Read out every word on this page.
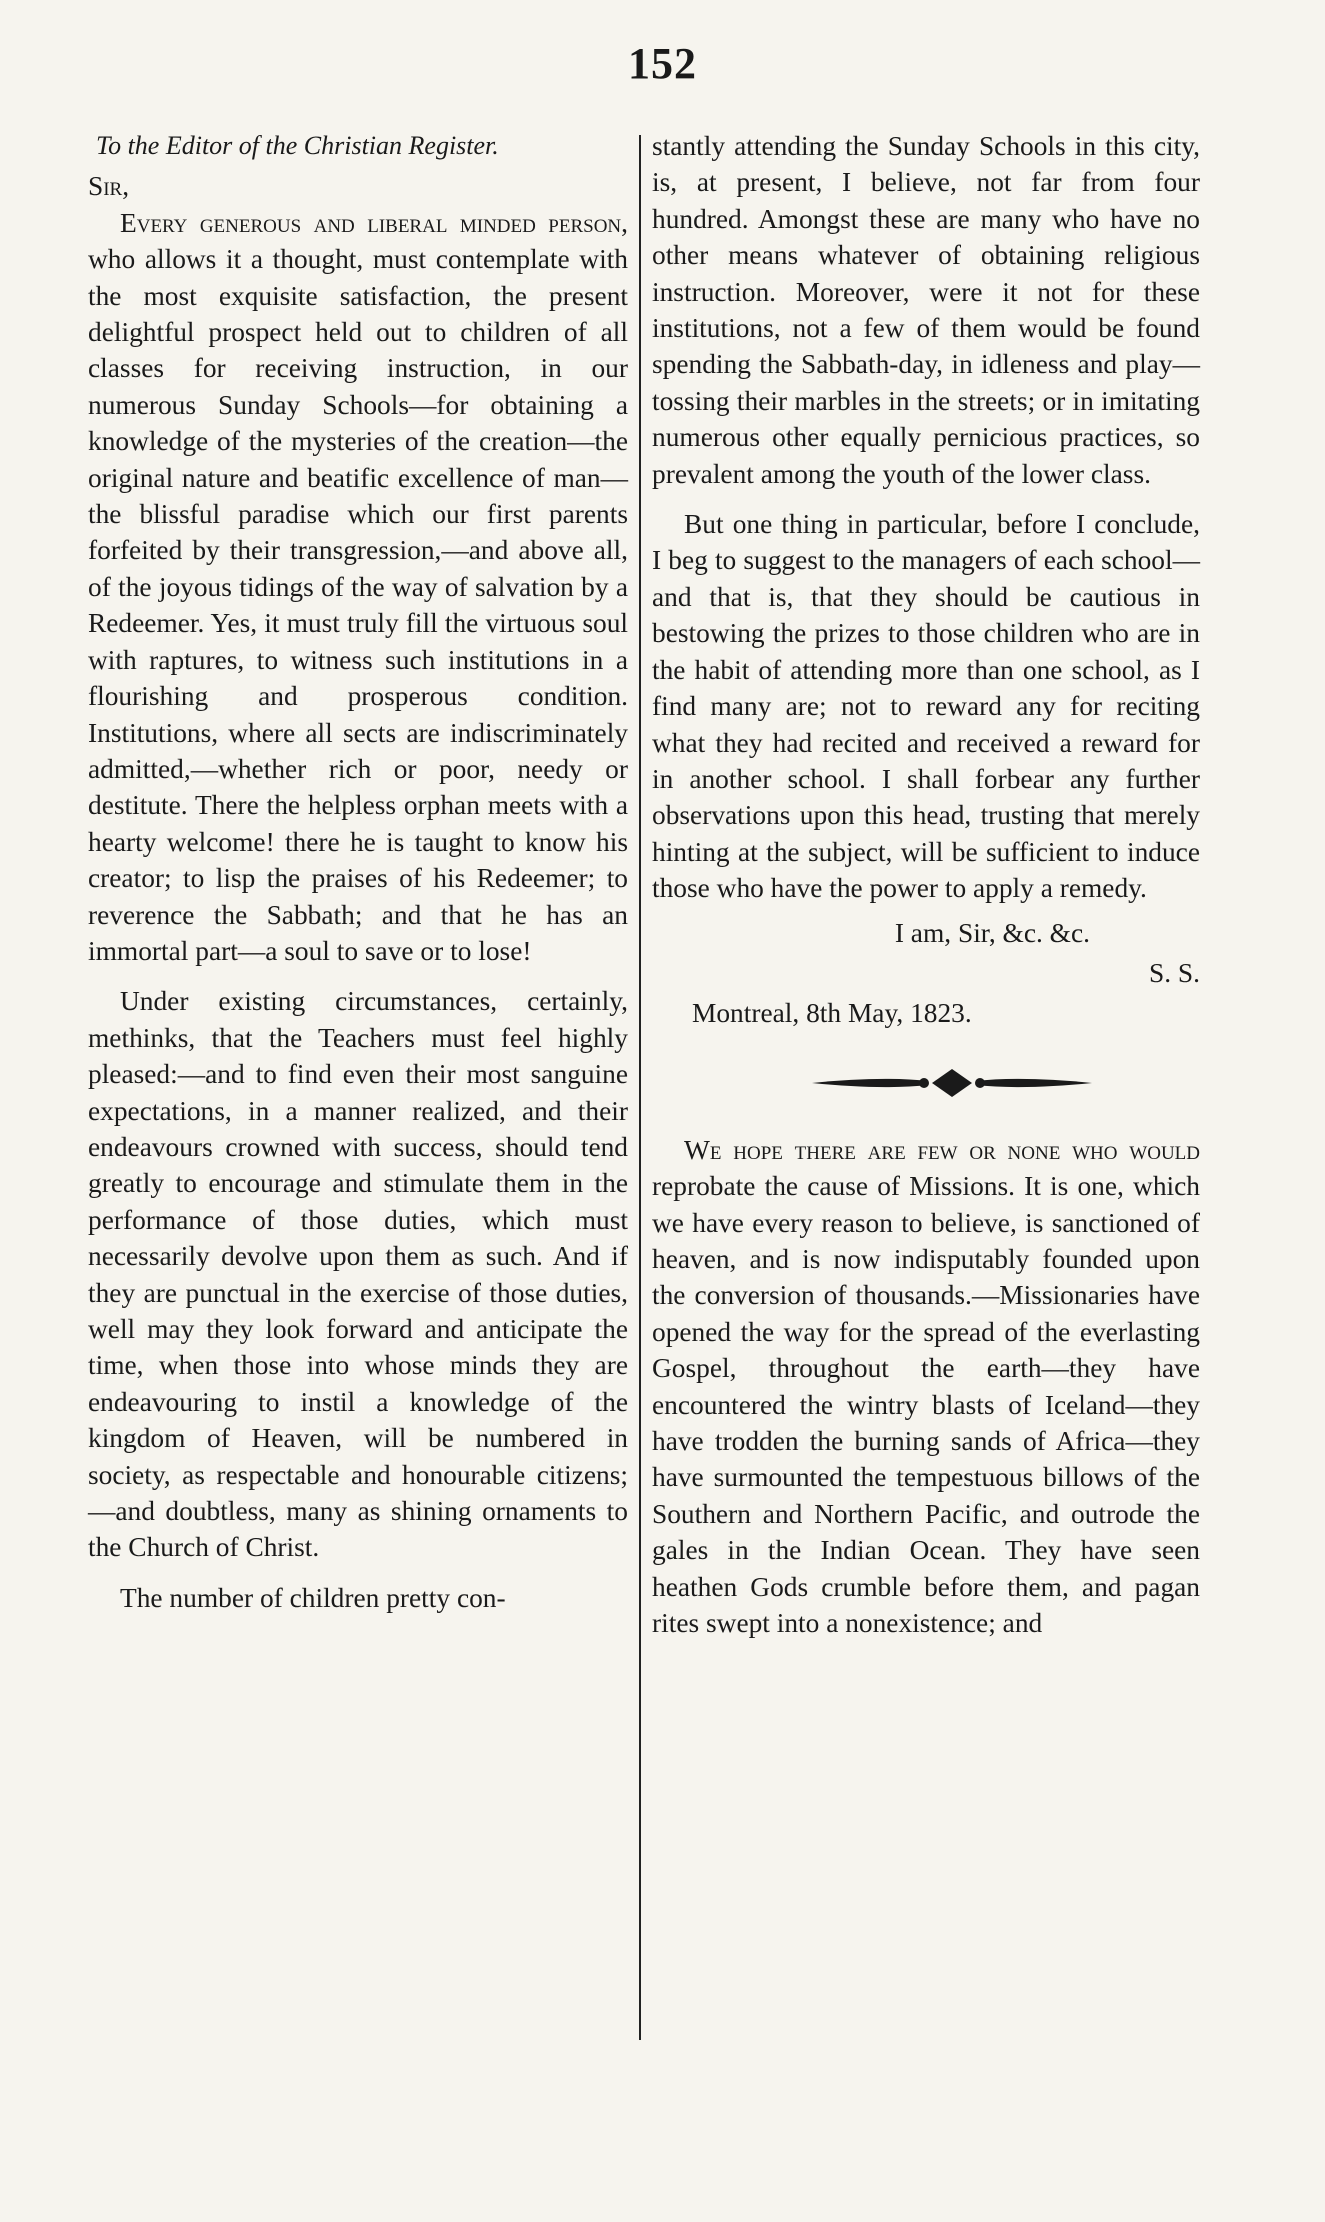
152
To the Editor of the Christian Register.

Sir,

Every generous and liberal minded person, who allows it a thought, must contemplate with the most exquisite satisfaction, the present delightful prospect held out to children of all classes for receiving instruction, in our numerous Sunday Schools—for obtaining a knowledge of the mysteries of the creation—the original nature and beatific excellence of man—the blissful paradise which our first parents forfeited by their transgression,—and above all, of the joyous tidings of the way of salvation by a Redeemer. Yes, it must truly fill the virtuous soul with raptures, to witness such institutions in a flourishing and prosperous condition. Institutions, where all sects are indiscriminately admitted,—whether rich or poor, needy or destitute. There the helpless orphan meets with a hearty welcome! there he is taught to know his creator; to lisp the praises of his Redeemer; to reverence the Sabbath; and that he has an immortal part—a soul to save or to lose!

Under existing circumstances, certainly, methinks, that the Teachers must feel highly pleased:—and to find even their most sanguine expectations, in a manner realized, and their endeavours crowned with success, should tend greatly to encourage and stimulate them in the performance of those duties, which must necessarily devolve upon them as such. And if they are punctual in the exercise of those duties, well may they look forward and anticipate the time, when those into whose minds they are endeavouring to instil a knowledge of the kingdom of Heaven, will be numbered in society, as respectable and honourable citizens;—and doubtless, many as shining ornaments to the Church of Christ.

The number of children pretty con-

stantly attending the Sunday Schools in this city, is, at present, I believe, not far from four hundred. Amongst these are many who have no other means whatever of obtaining religious instruction. Moreover, were it not for these institutions, not a few of them would be found spending the Sabbath-day, in idleness and play—tossing their marbles in the streets; or in imitating numerous other equally pernicious practices, so prevalent among the youth of the lower class.

But one thing in particular, before I conclude, I beg to suggest to the managers of each school—and that is, that they should be cautious in bestowing the prizes to those children who are in the habit of attending more than one school, as I find many are; not to reward any for reciting what they had recited and received a reward for in another school. I shall forbear any further observations upon this head, trusting that merely hinting at the subject, will be sufficient to induce those who have the power to apply a remedy.

I am, Sir, &c. &c.

S. S.

Montreal, 8th May, 1823.

We hope there are few or none who would reprobate the cause of Missions. It is one, which we have every reason to believe, is sanctioned of heaven, and is now indisputably founded upon the conversion of thousands.—Missionaries have opened the way for the spread of the everlasting Gospel, throughout the earth—they have encountered the wintry blasts of Iceland—they have trodden the burning sands of Africa—they have surmounted the tempestuous billows of the Southern and Northern Pacific, and outrode the gales in the Indian Ocean. They have seen heathen Gods crumble before them, and pagan rites swept into a nonexistence; and
